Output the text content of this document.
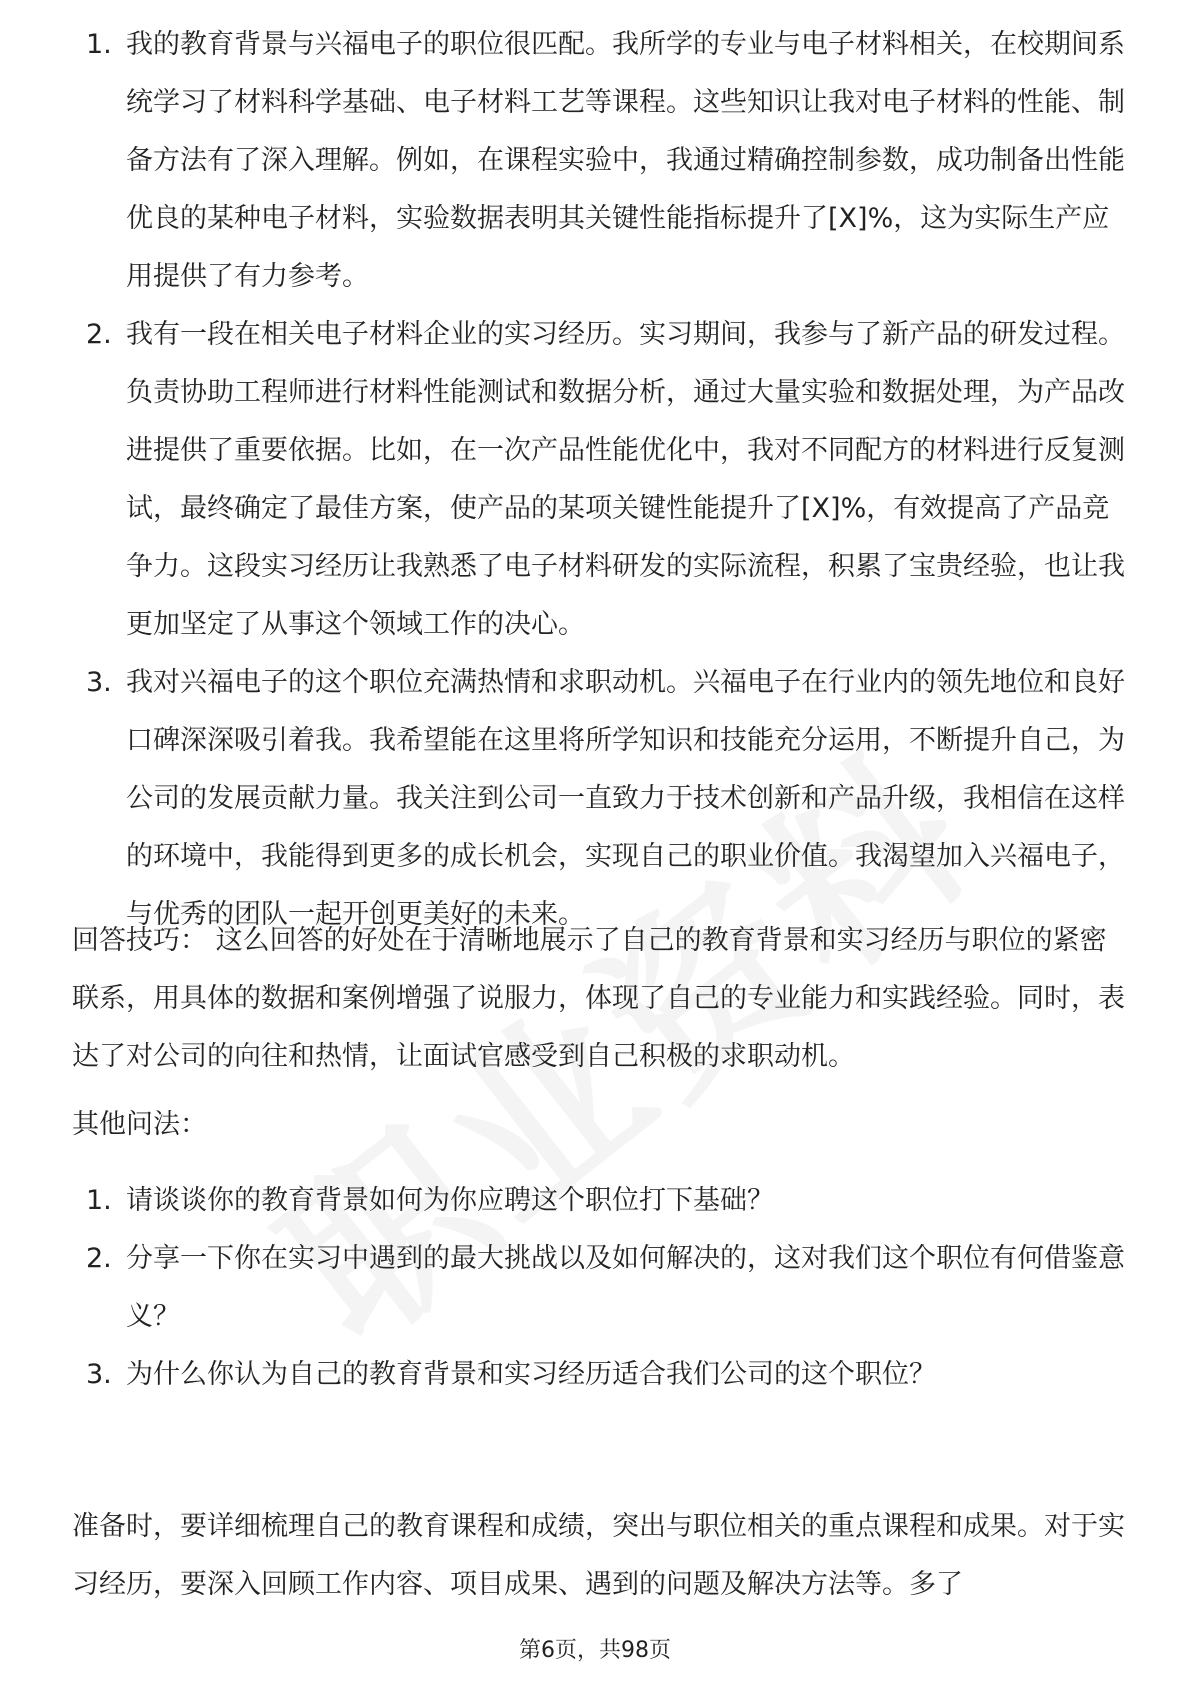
1. 我的教育背景与兴福电子的职位很匹配。我所学的专业与电子材料相关，在校期间系统学习了材料科学基础、电子材料工艺等课程。这些知识让我对电子材料的性能、制备方法有了深入理解。例如，在课程实验中，我通过精确控制参数，成功制备出性能优良的某种电子材料，实验数据表明其关键性能指标提升了[X]%，这为实际生产应用提供了有力参考。
2. 我有一段在相关电子材料企业的实习经历。实习期间，我参与了新产品的研发过程。负责协助工程师进行材料性能测试和数据分析，通过大量实验和数据处理，为产品改进提供了重要依据。比如，在一次产品性能优化中，我对不同配方的材料进行反复测试，最终确定了最佳方案，使产品的某项关键性能提升了[X]%，有效提高了产品竞争力。这段实习经历让我熟悉了电子材料研发的实际流程，积累了宝贵经验，也让我更加坚定了从事这个领域工作的决心。
3. 我对兴福电子的这个职位充满热情和求职动机。兴福电子在行业内的领先地位和良好口碑深深吸引着我。我希望能在这里将所学知识和技能充分运用，不断提升自己，为公司的发展贡献力量。我关注到公司一直致力于技术创新和产品升级，我相信在这样的环境中，我能得到更多的成长机会，实现自己的职业价值。我渴望加入兴福电子，与优秀的团队一起开创更美好的未来。

回答技巧： 这么回答的好处在于清晰地展示了自己的教育背景和实习经历与职位的紧密联系，用具体的数据和案例增强了说服力，体现了自己的专业能力和实践经验。同时，表达了对公司的向往和热情，让面试官感受到自己积极的求职动机。

其他问法：

1. 请谈谈你的教育背景如何为你应聘这个职位打下基础？
2. 分享一下你在实习中遇到的最大挑战以及如何解决的，这对我们这个职位有何借鉴意义？
3. 为什么你认为自己的教育背景和实习经历适合我们公司的这个职位？

准备时，要详细梳理自己的教育课程和成绩，突出与职位相关的重点课程和成果。对于实习经历，要深入回顾工作内容、项目成果、遇到的问题及解决方法等。多了

第6页，共98页
